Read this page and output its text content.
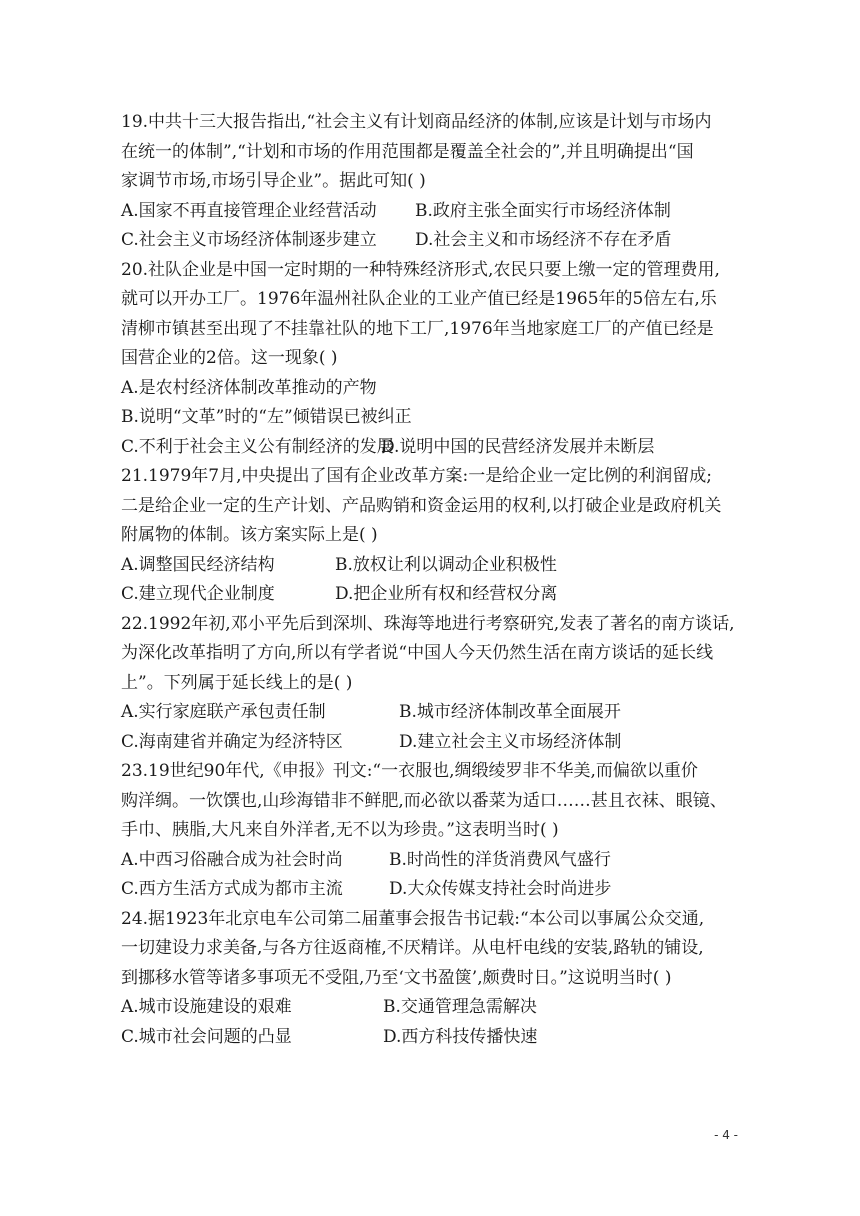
19.中共十三大报告指出,“社会主义有计划商品经济的体制,应该是计划与市场内
在统一的体制”,“计划和市场的作用范围都是覆盖全社会的”,并且明确提出“国
家调节市场,市场引导企业”。据此可知( )
A.国家不再直接管理企业经营活动	B.政府主张全面实行市场经济体制
C.社会主义市场经济体制逐步建立	D.社会主义和市场经济不存在矛盾
20.社队企业是中国一定时期的一种特殊经济形式,农民只要上缴一定的管理费用,
就可以开办工厂。1976年温州社队企业的工业产值已经是1965年的5倍左右,乐
清柳市镇甚至出现了不挂靠社队的地下工厂,1976年当地家庭工厂的产值已经是
国营企业的2倍。这一现象( )
A.是农村经济体制改革推动的产物
B.说明“文革”时的“左”倾错误已被纠正
C.不利于社会主义公有制经济的发展
D.说明中国的民营经济发展并未断层
21.1979年7月,中央提出了国有企业改革方案:一是给企业一定比例的利润留成;
二是给企业一定的生产计划、产品购销和资金运用的权利,以打破企业是政府机关
附属物的体制。该方案实际上是( )
A.调整国民经济结构	B.放权让利以调动企业积极性
C.建立现代企业制度	D.把企业所有权和经营权分离
22.1992年初,邓小平先后到深圳、珠海等地进行考察研究,发表了著名的南方谈话,
为深化改革指明了方向,所以有学者说“中国人今天仍然生活在南方谈话的延长线
上”。下列属于延长线上的是( )
A.实行家庭联产承包责任制	B.城市经济体制改革全面展开
C.海南建省并确定为经济特区	D.建立社会主义市场经济体制
23.19世纪90年代,《申报》刊文:“一衣服也,绸缎绫罗非不华美,而偏欲以重价
购洋绸。一饮馔也,山珍海错非不鲜肥,而必欲以番菜为适口……甚且衣袜、眼镜、
手巾、胰脂,大凡来自外洋者,无不以为珍贵。”这表明当时( )
A.中西习俗融合成为社会时尚	B.时尚性的洋货消费风气盛行
C.西方生活方式成为都市主流	D.大众传媒支持社会时尚进步
24.据1923年北京电车公司第二届董事会报告书记载:“本公司以事属公众交通,
一切建设力求美备,与各方往返商榷,不厌精详。从电杆电线的安装,路轨的铺设,
到挪移水管等诸多事项无不受阻,乃至‘文书盈箧’,颇费时日。”这说明当时( )
A.城市设施建设的艰难	B.交通管理急需解决
C.城市社会问题的凸显	D.西方科技传播快速
- 4 -
